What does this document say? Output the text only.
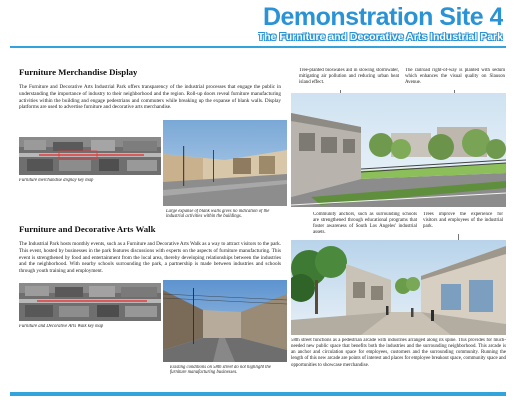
Demonstration Site 4
The Furniture and Decorative Arts Industrial Park
Furniture Merchandise Display
The Furniture and Decorative Arts Industrial Park offers transparency of the industrial processes that engage the public in understanding the importance of industry to their neighborhood and the region. Roll-up doors reveal furniture manufacturing activities within the building and engage pedestrians and commuters while breaking up the expanse of blank walls. Display platforms are used to advertise furniture and decorative arts merchandise.
Furniture merchandise display key map
Large expanse of blank walls gives no indication of the industrial activities within the buildings.
Furniture and Decorative Arts Walk
The Industrial Park hosts monthly events, such as a Furniture and Decorative Arts Walk as a way to attract visitors to the park. This event, hosted by businesses in the park features discussions with experts on the aspects of furniture manufacturing. This event is strengthened by food and entertainment from the local area, thereby developing relationships between the industries and the neighborhood. With nearby schools surrounding the park, a partnership is made between industries and schools through youth training and employment.
Furniture and Decorative Arts Walk key map
Existing conditions on 58th street do not highlight the furniture manufacturing businesses.
Tree-planted bioswales aid in slowing stormwater, mitigating air pollution and reducing urban heat island effect.
The railroad right-of-way is planted with sedum which enhances the visual quality on Slauson Avenue.
Community anchors, such as surrounding schools are strengthened through educational programs that foster awareness of South Los Angeles' industrial assets.
Trees improve the experience for visitors and employees of the industrial park.
58th street functions as a pedestrian arcade with industries arranged along its spine. This provides for much-needed new public space that benefits both the industries and the surrounding neighborhood. This arcade is an anchor and circulation space for employees, customers and the surrounding community. Running the length of this new arcade are points of interest and places for employee breakout space, community space and opportunities to showcase merchandise.
